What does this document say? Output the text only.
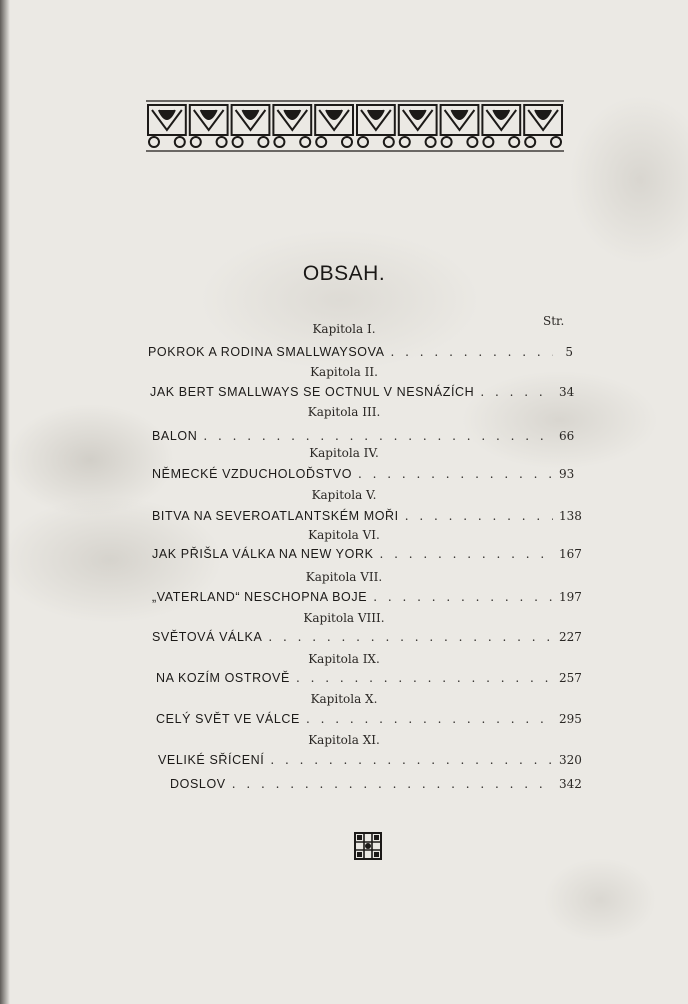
OBSAH.
Str.
Kapitola I.
POKROK A RODINA SMALLWAYSOVA . . .	5
Kapitola II.
JAK BERT SMALLWAYS SE OCTNUL V NESNÁZÍCH . . .	34
Kapitola III.
BALON . . .	66
Kapitola IV.
NĚMECKÉ VZDUCHOLOĎSTVO . . .	93
Kapitola V.
BITVA NA SEVEROATLANTSKÉM MOŘI . . .	138
Kapitola VI.
JAK PŘIŠLA VÁLKA NA NEW YORK . . .	167
Kapitola VII.
„VATERLAND“ NESCHOPNA BOJE . . .	197
Kapitola VIII.
SVĚTOVÁ VÁLKA . . .	227
Kapitola IX.
NA KOZÍM OSTROVĚ . . .	257
Kapitola X.
CELÝ SVĚT VE VÁLCE . . .	295
Kapitola XI.
VELIKÉ SŘÍCENÍ . . .	320
DOSLOV . . .	342
